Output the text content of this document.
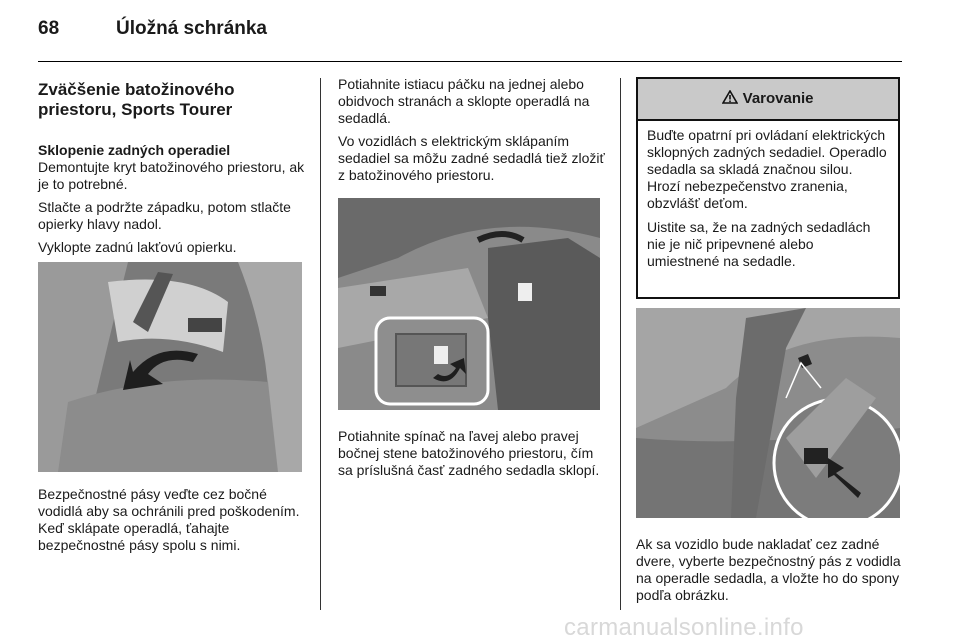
68	Úložná schránka
Zväčšenie batožinového priestoru, Sports Tourer
Sklopenie zadných operadiel

Demontujte kryt batožinového priestoru, ak je to potrebné.

Stlačte a podržte západku, potom stlačte opierky hlavy nadol.

Vyklopte zadnú lakťovú opierku.

Bezpečnostné pásy veďte cez bočné vodidlá aby sa ochránili pred poškodením. Keď sklápate operadlá, ťahajte bezpečnostné pásy spolu s nimi.

Potiahnite istiacu páčku na jednej alebo obidvoch stranách a sklopte operadlá na sedadlá.

Vo vozidlách s elektrickým sklápaním sedadiel sa môžu zadné sedadlá tiež zložiť z batožinového priestoru.

Potiahnite spínač na ľavej alebo pravej bočnej stene batožinového priestoru, čím sa príslušná časť zadného sedadla sklopí.

Varovanie

Buďte opatrní pri ovládaní elektrických sklopných zadných sedadiel. Operadlo sedadla sa skladá značnou silou. Hrozí nebezpečenstvo zranenia, obzvlášť deťom.

Uistite sa, že na zadných sedadlách nie je nič pripevnené alebo umiestnené na sedadle.

Ak sa vozidlo bude nakladať cez zadné dvere, vyberte bezpečnostný pás z vodidla na operadle sedadla, a vložte ho do spony podľa obrázku.

carmanualsonline.info
